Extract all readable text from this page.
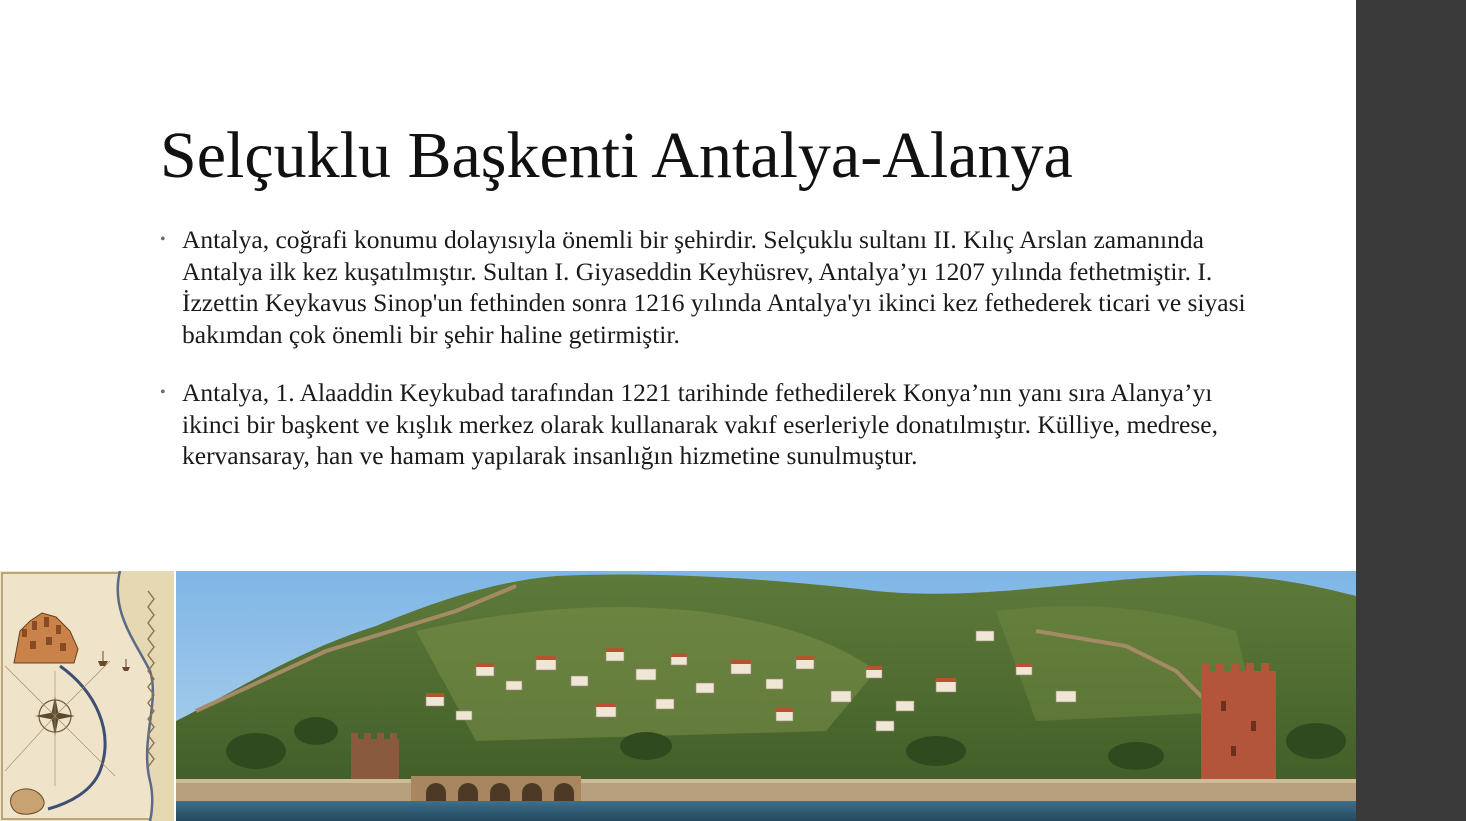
Selçuklu Başkenti Antalya-Alanya
• Antalya, coğrafi konumu dolayısıyla önemli bir şehirdir. Selçuklu sultanı II. Kılıç Arslan zamanında Antalya ilk kez kuşatılmıştır. Sultan I. Giyaseddin Keyhüsrev, Antalya’yı 1207 yılında fethetmiştir. I. İzzettin Keykavus Sinop'un fethinden sonra 1216 yılında Antalya'yı ikinci kez fethederek ticari ve siyasi bakımdan çok önemli bir şehir haline getirmiştir.
• Antalya, 1. Alaaddin Keykubad tarafından 1221 tarihinde fethedilerek Konya’nın yanı sıra Alanya’yı ikinci bir başkent ve kışlık merkez olarak kullanarak vakıf eserleriyle donatılmıştır. Külliye, medrese, kervansaray, han ve hamam yapılarak insanlığın hizmetine sunulmuştur.
